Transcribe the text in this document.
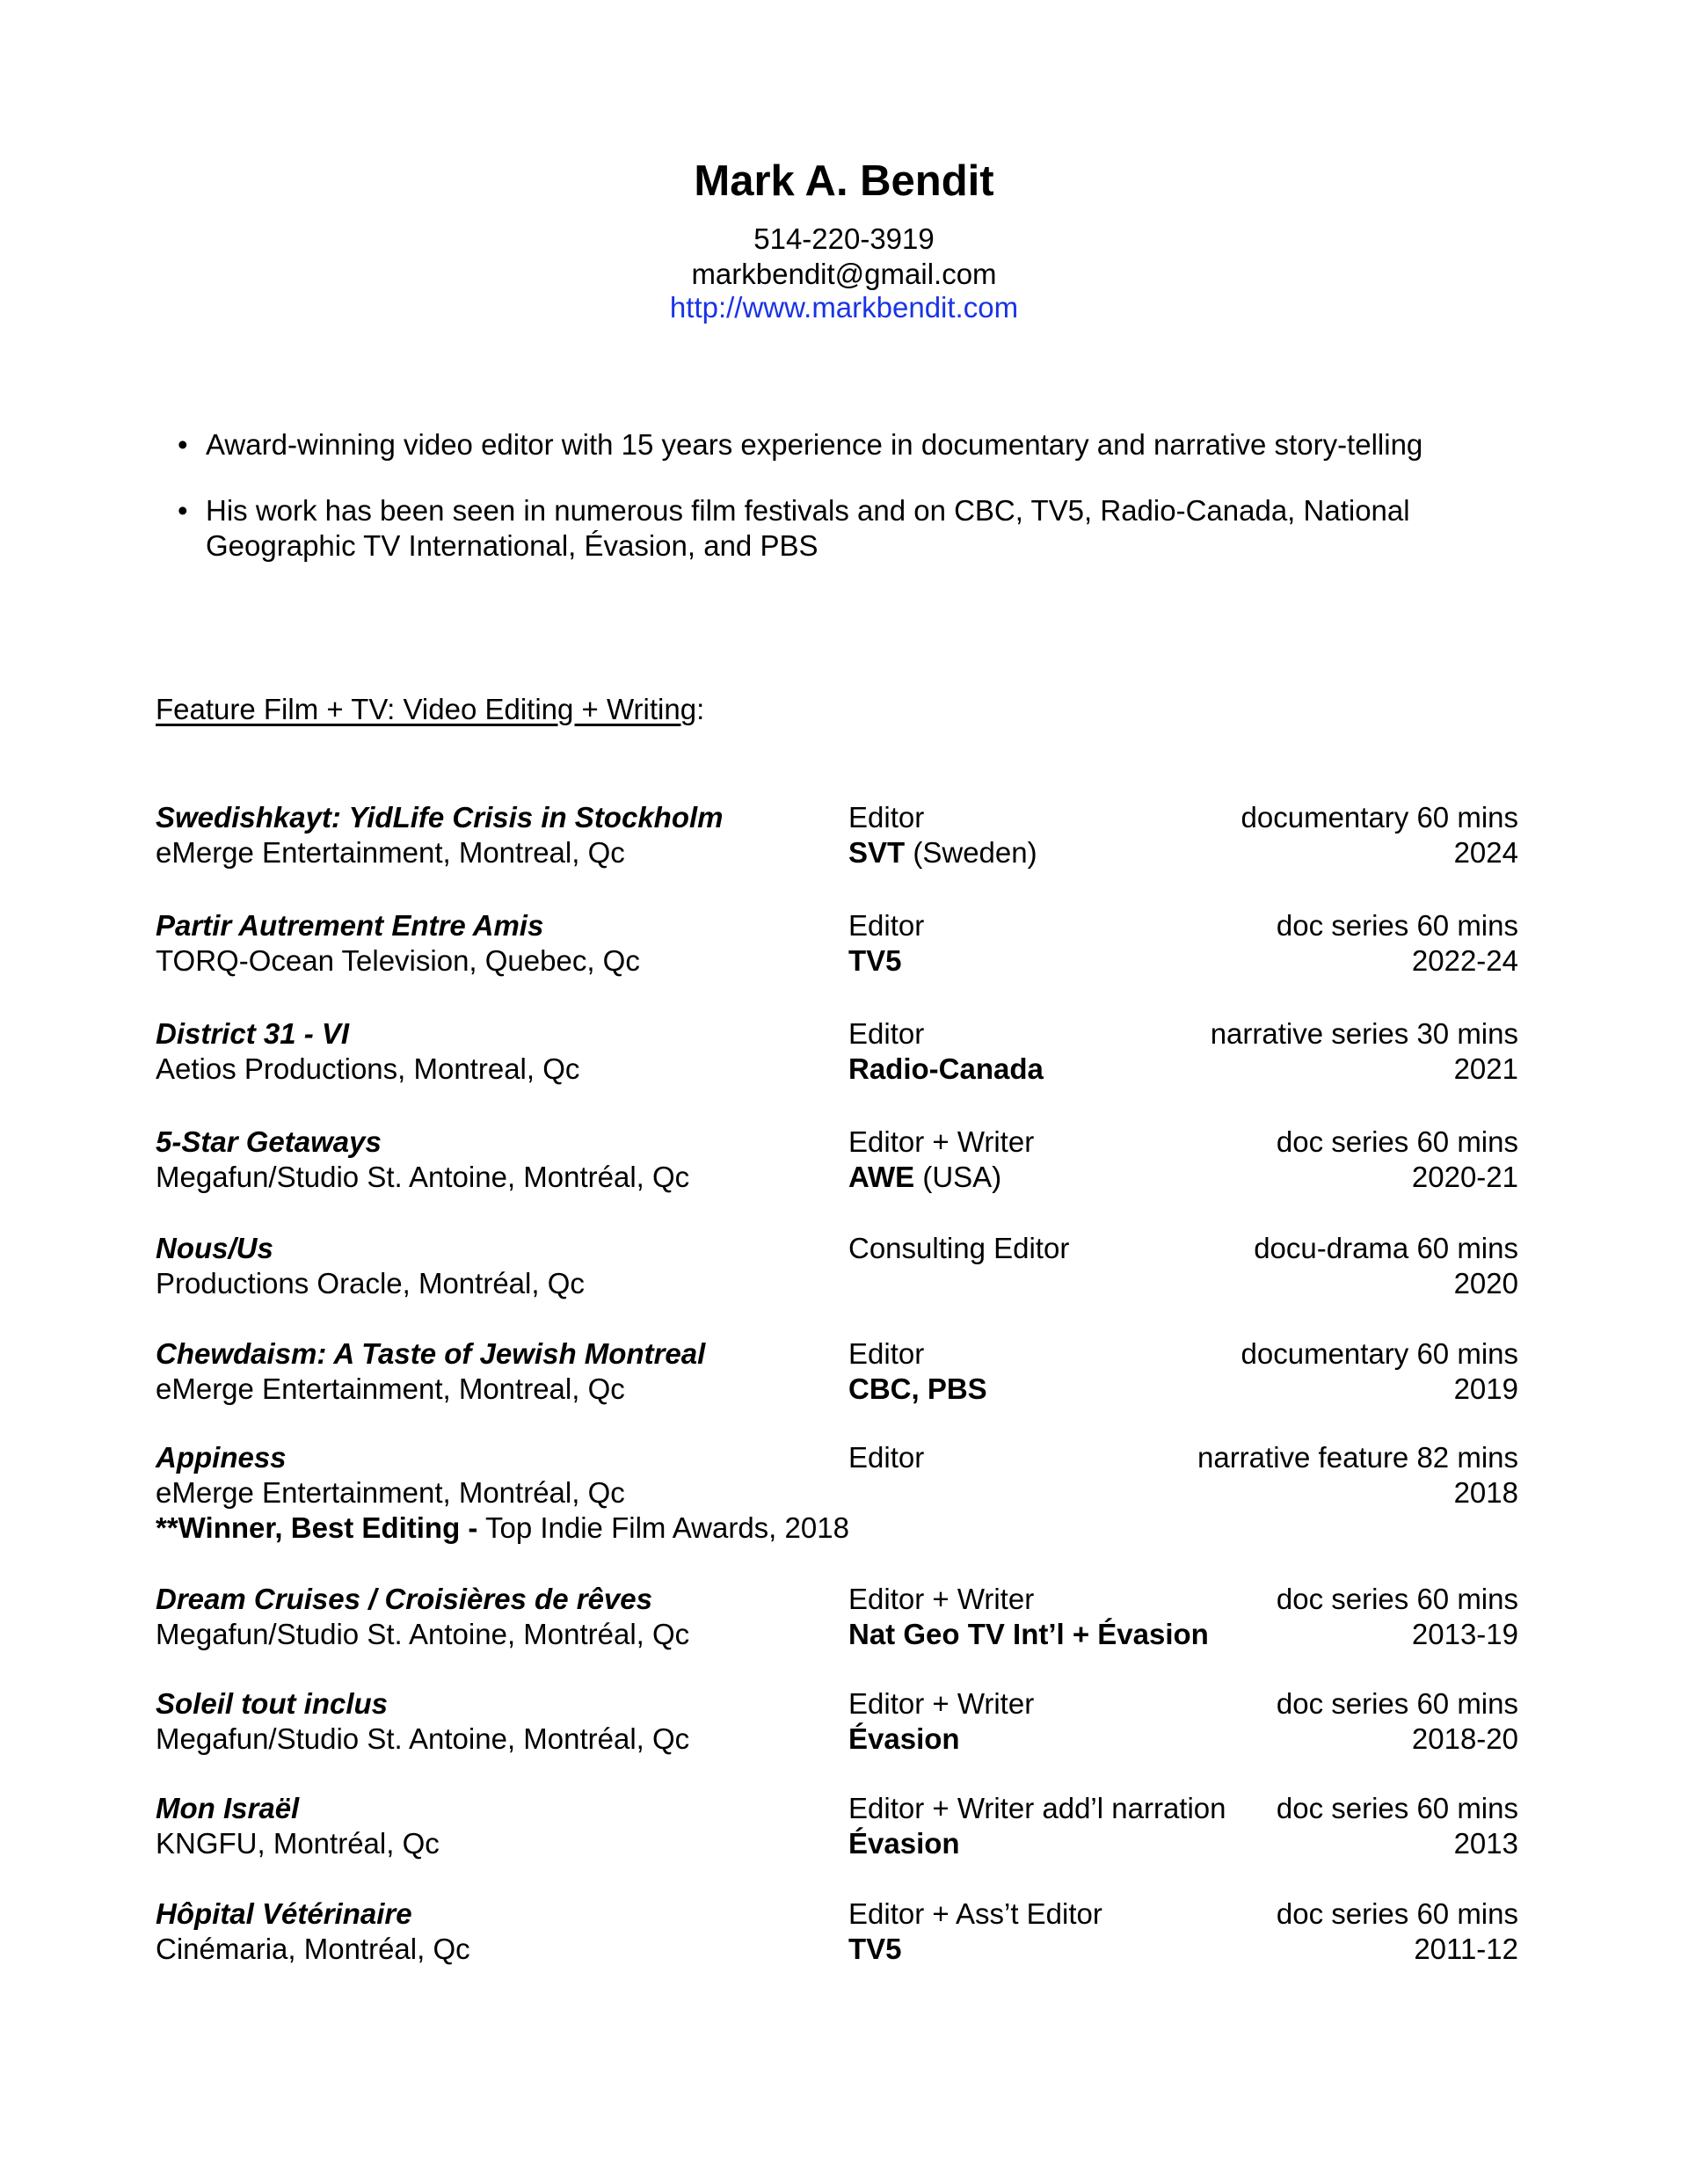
Mark A. Bendit
514-220-3919
markbendit@gmail.com
http://www.markbendit.com
• Award-winning video editor with 15 years experience in documentary and narrative story-telling
• His work has been seen in numerous film festivals and on CBC, TV5, Radio-Canada, National Geographic TV International, Évasion, and PBS
Feature Film + TV: Video Editing + Writing:
Swedishkayt: YidLife Crisis in Stockholm
eMerge Entertainment, Montreal, Qc
Editor
SVT (Sweden)
documentary 60 mins
2024
Partir Autrement Entre Amis
TORQ-Ocean Television, Quebec, Qc
Editor
TV5
doc series 60 mins
2022-24
District 31 - VI
Aetios Productions, Montreal, Qc
Editor
Radio-Canada
narrative series 30 mins
2021
5-Star Getaways
Megafun/Studio St. Antoine, Montréal, Qc
Editor + Writer
AWE (USA)
doc series 60 mins
2020-21
Nous/Us
Productions Oracle, Montréal, Qc
Consulting Editor	docu-drama 60 mins
2020
Chewdaism: A Taste of Jewish Montreal
eMerge Entertainment, Montreal, Qc
Editor
CBC, PBS
documentary 60 mins
2019
Appiness
eMerge Entertainment, Montréal, Qc
Editor	narrative feature 82 mins
2018
**Winner, Best Editing - Top Indie Film Awards, 2018
Dream Cruises / Croisières de rêves
Megafun/Studio St. Antoine, Montréal, Qc
Editor + Writer
Nat Geo TV Int’l + Évasion
doc series 60 mins
2013-19
Soleil tout inclus
Megafun/Studio St. Antoine, Montréal, Qc
Editor + Writer
Évasion
doc series 60 mins
2018-20
Mon Israël
KNGFU, Montréal, Qc
Editor + Writer add’l narration
Évasion
doc series 60 mins
2013
Hôpital Vétérinaire
Cinémaria, Montréal, Qc
Editor + Ass’t Editor
TV5
doc series 60 mins
2011-12
